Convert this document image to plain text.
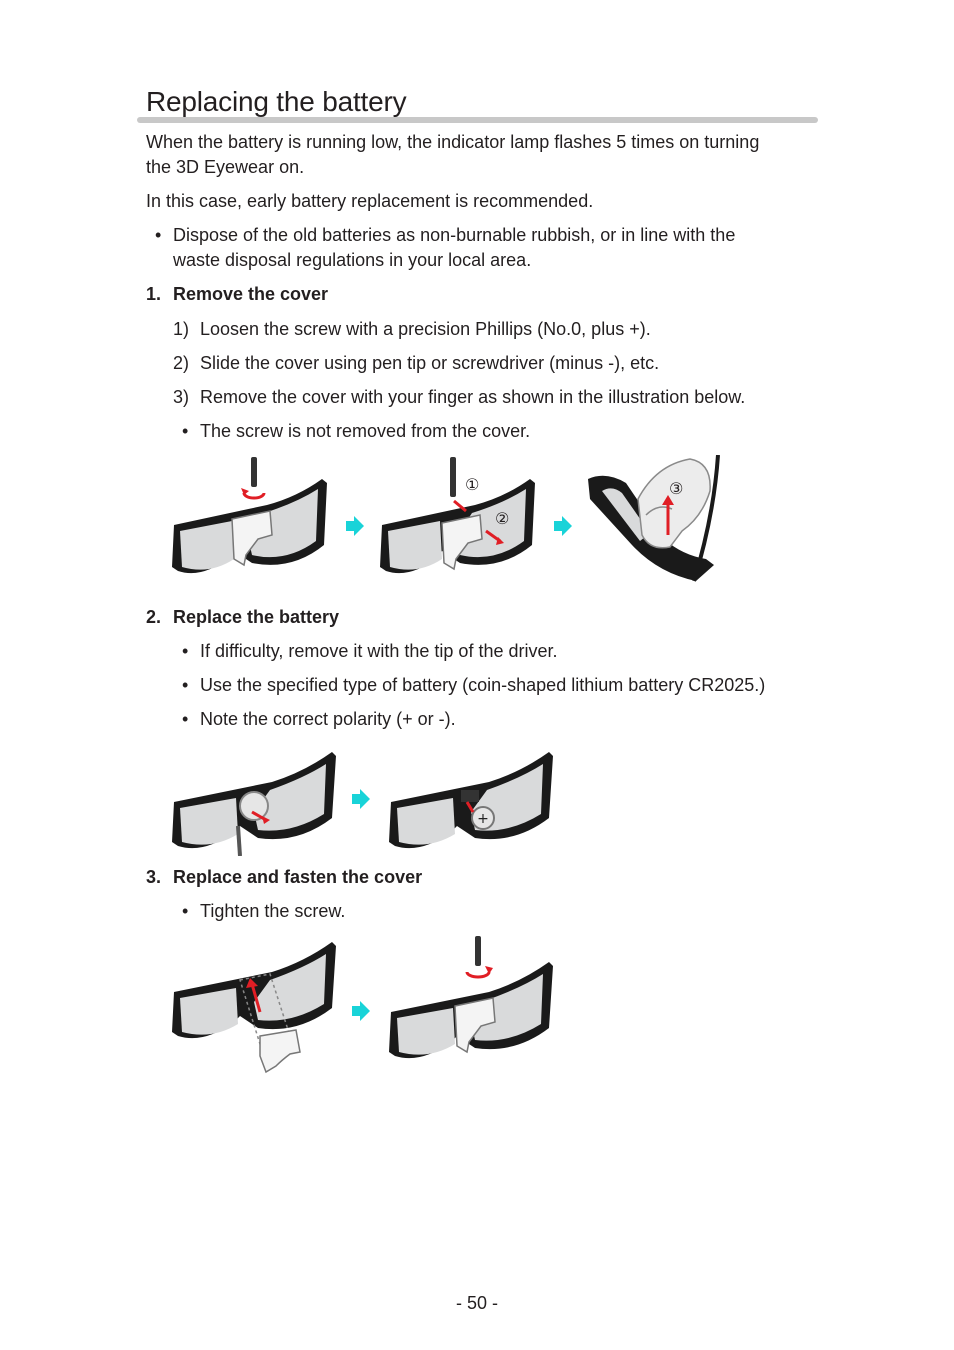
Replacing the battery

When the battery is running low, the indicator lamp flashes 5 times on turning

the 3D Eyewear on.

In this case, early battery replacement is recommended.

• Dispose of the old batteries as non-burnable rubbish, or in line with the

waste disposal regulations in your local area.

1. Remove the cover
1) Loosen the screw with a precision Phillips (No.0, plus +).
2) Slide the cover using pen tip or screwdriver (minus -), etc.
3) Remove the cover with your finger as shown in the illustration below.
• The screw is not removed from the cover.
①
②
③
2. Replace the battery
• If difficulty, remove it with the tip of the driver.
• Use the specified type of battery (coin-shaped lithium battery CR2025.)
• Note the correct polarity (+ or -).
+
3. Replace and fasten the cover
• Tighten the screw.
- 50 -
